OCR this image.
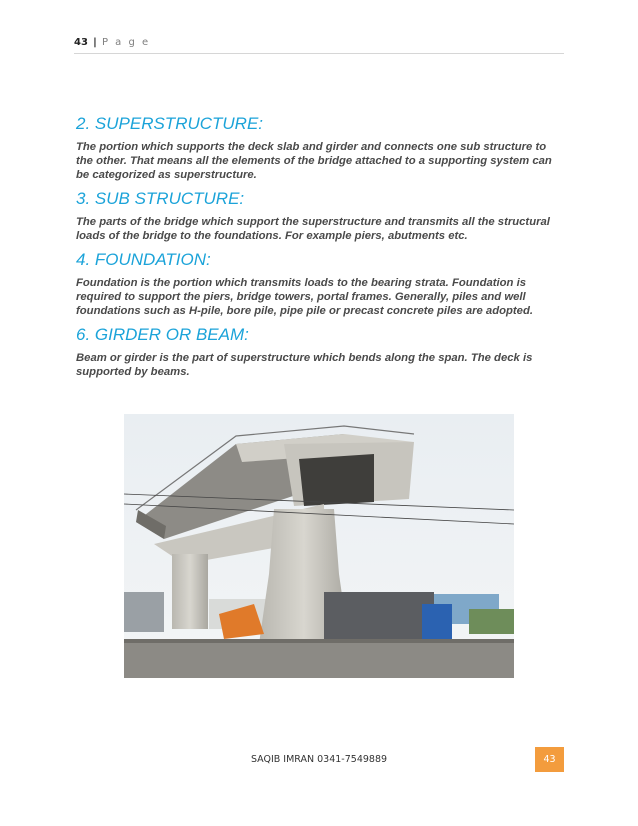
43 | P a g e
2. SUPERSTRUCTURE:

The portion which supports the deck slab and girder and connects one sub structure to the other. That means all the elements of the bridge attached to a supporting system can be categorized as superstructure.

3. SUB STRUCTURE:

The parts of the bridge which support the superstructure and transmits all the structural loads of the bridge to the foundations. For example piers, abutments etc.

4. FOUNDATION:

Foundation is the portion which transmits loads to the bearing strata. Foundation is required to support the piers, bridge towers, portal frames. Generally, piles and well foundations such as H-pile, bore pile, pipe pile or precast concrete piles are adopted.

6. GIRDER OR BEAM:

Beam or girder is the part of superstructure which bends along the span. The deck is supported by beams.

SAQIB IMRAN 0341-7549889	43
